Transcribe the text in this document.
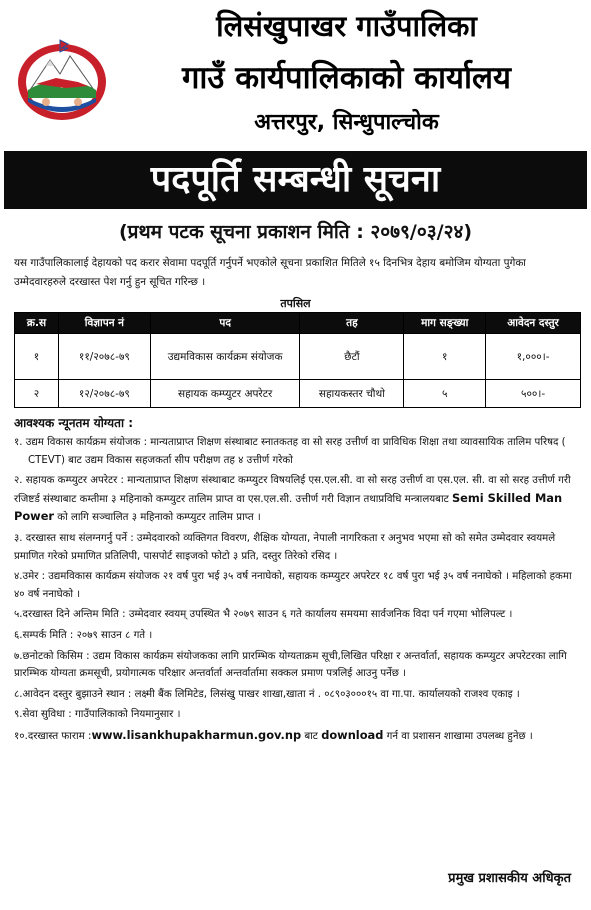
लिसंखुपाखर गाउँपालिका
गाउँ कार्यपालिकाको कार्यालय
अत्तरपुर, सिन्धुपाल्चोक
पदपूर्ति सम्बन्धी सूचना
(प्रथम पटक सूचना प्रकाशन मिति : २०७९/०३/२४)

यस गाउँपालिकालाई देहायको पद करार सेवामा पदपूर्ति गर्नुपर्ने भएकोले सूचना प्रकाशित मितिले १५ दिनभित्र देहाय बमोजिम योग्यता पुगेका उम्मेदवारहरुले दरखास्त पेश गर्नु हुन सूचित गरिन्छ ।

तपसिल
क्र.स	विज्ञापन नं	पद	तह	माग सङ्ख्या	आवेदन दस्तुर
१	११/२०७८-७९	उद्यमविकास कार्यक्रम संयोजक	छैटौं	१	१,०००।-
२	१२/२०७८-७९	सहायक कम्प्युटर अपरेटर	सहायकस्तर चौथो	५	५००।-
आवश्यक न्यूनतम योग्यता :

१. उद्यम विकास कार्यक्रम संयोजक : मान्यताप्राप्त शिक्षण संस्थाबाट स्नातकतह वा सो सरह उत्तीर्ण वा प्राविधिक शिक्षा तथा व्यावसायिक तालिम परिषद ( CTEVT) बाट उद्यम विकास सहजकर्ता सीप परीक्षण तह ४ उत्तीर्ण गरेको

२. सहायक कम्प्युटर अपरेटर : मान्यताप्राप्त शिक्षण संस्थाबाट कम्प्युटर विषयलिई एस.एल.सी. वा सो सरह उत्तीर्ण वा एस.एल. सी. वा सो सरह उत्तीर्ण गरी रजिष्टर्ड संस्थाबाट कम्तीमा ३ महिनाको कम्प्युटर तालिम प्राप्त वा एस.एल.सी. उत्तीर्ण गरी विज्ञान तथाप्रविधि मन्त्रालयबाट Semi Skilled Man Power को लागि सञ्चालित ३ महिनाको कम्प्युटर तालिम प्राप्त ।

३. दरखास्त साथ संलग्नगर्नु पर्ने : उम्मेदवारको व्यक्तिगत विवरण, शैक्षिक योग्यता, नेपाली नागरिकता र अनुभव भएमा सो को समेत उम्मेदवार स्वयमले प्रमाणित गरेको प्रमाणित प्रतिलिपी, पासपोर्ट साइजको फोटो ३ प्रति, दस्तुर तिरेको रसिद ।

४.उमेर : उद्यमविकास कार्यक्रम संयोजक २१ वर्ष पुरा भई ३५ वर्ष ननाघेको, सहायक कम्प्युटर अपरेटर १८ वर्ष पुरा भई ३५ वर्ष ननाघेको । महिलाको हकमा ४० वर्ष ननाघेको ।

५.दरखास्त दिने अन्तिम मिति : उम्मेदवार स्वयम् उपस्थित भै २०७९ साउन ६ गते कार्यालय समयमा सार्वजनिक विदा पर्न गएमा भोलिपल्ट ।

६.सम्पर्क मिति : २०७९ साउन ८ गते ।

७.छनोटको किसिम : उद्यम विकास कार्यक्रम संयोजकका लागि प्रारम्भिक योग्यताक्रम सूची,लिखित परिक्षा र अन्तर्वार्ता, सहायक कम्प्युटर अपरेटरका लागि प्रारम्भिक योग्यता क्रमसूची, प्रयोगात्मक परिक्षार अन्तर्वार्ता अन्तर्वार्तामा सक्कल प्रमाण पत्रलिई आउनु पर्नेछ ।

८.आवेदन दस्तुर बुझाउने स्थान : लक्ष्मी बैंक लिमिटेड, लिसंखु पाखर शाखा,खाता नं . ०८९०३०००१५ वा गा.पा. कार्यालयको राजश्व एकाइ ।

९.सेवा सुविधा : गाउँपालिकाको नियमानुसार ।

१०.दरखास्त फाराम :www.lisankhupakharmun.gov.np बाट download गर्न वा प्रशासन शाखामा उपलब्ध हुनेछ ।

प्रमुख प्रशासकीय अधिकृत
